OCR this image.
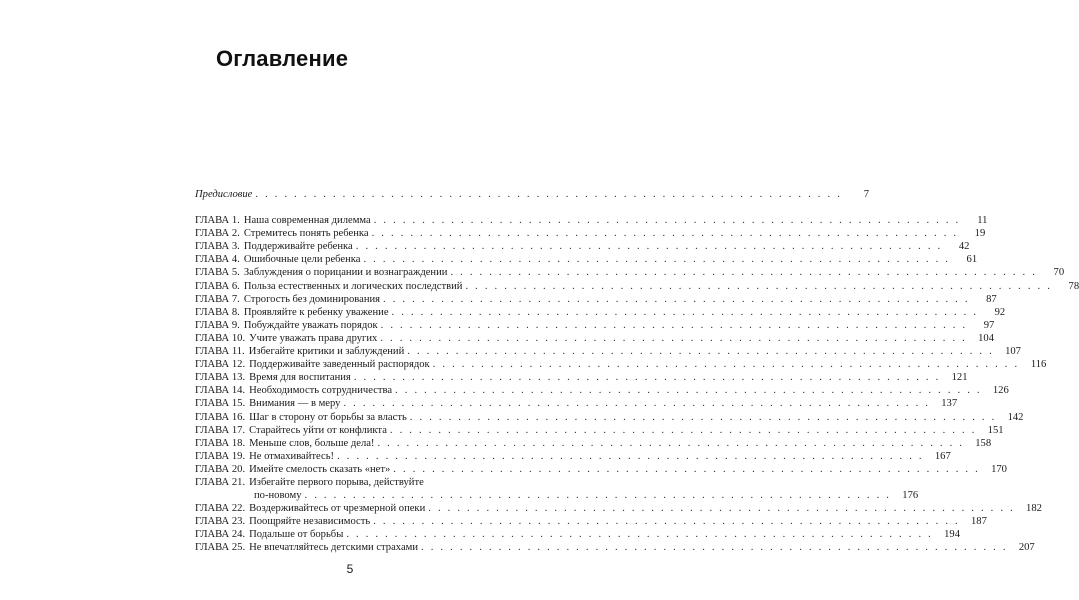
Оглавление
Предисловие . . .	7
ГЛАВА 1. Наша современная дилемма . . .	11
ГЛАВА 2. Стремитесь понять ребенка . . .	19
ГЛАВА 3. Поддерживайте ребенка . . .	42
ГЛАВА 4. Ошибочные цели ребенка . . .	61
ГЛАВА 5. Заблуждения о порицании и вознаграждении . . .	70
ГЛАВА 6. Польза естественных и логических последствий . . .	78
ГЛАВА 7. Строгость без доминирования . . .	87
ГЛАВА 8. Проявляйте к ребенку уважение . . .	92
ГЛАВА 9. Побуждайте уважать порядок . . .	97
ГЛАВА 10. Учите уважать права других . . .	104
ГЛАВА 11. Избегайте критики и заблуждений . . .	107
ГЛАВА 12. Поддерживайте заведенный распорядок . . .	116
ГЛАВА 13. Время для воспитания . . .	121
ГЛАВА 14. Необходимость сотрудничества . . .	126
ГЛАВА 15. Внимания — в меру . . .	137
ГЛАВА 16. Шаг в сторону от борьбы за власть . . .	142
ГЛАВА 17. Старайтесь уйти от конфликта . . .	151
ГЛАВА 18. Меньше слов, больше дела! . . .	158
ГЛАВА 19. Не отмахивайтесь! . . .	167
ГЛАВА 20. Имейте смелость сказать «нет» . . .	170
ГЛАВА 21. Избегайте первого порыва, действуйте
по-новому . . .	176
ГЛАВА 22. Воздерживайтесь от чрезмерной опеки . . .	182
ГЛАВА 23. Поощряйте независимость . . .	187
ГЛАВА 24. Подальше от борьбы . . .	194
ГЛАВА 25. Не впечатляйтесь детскими страхами . . .	207
5
